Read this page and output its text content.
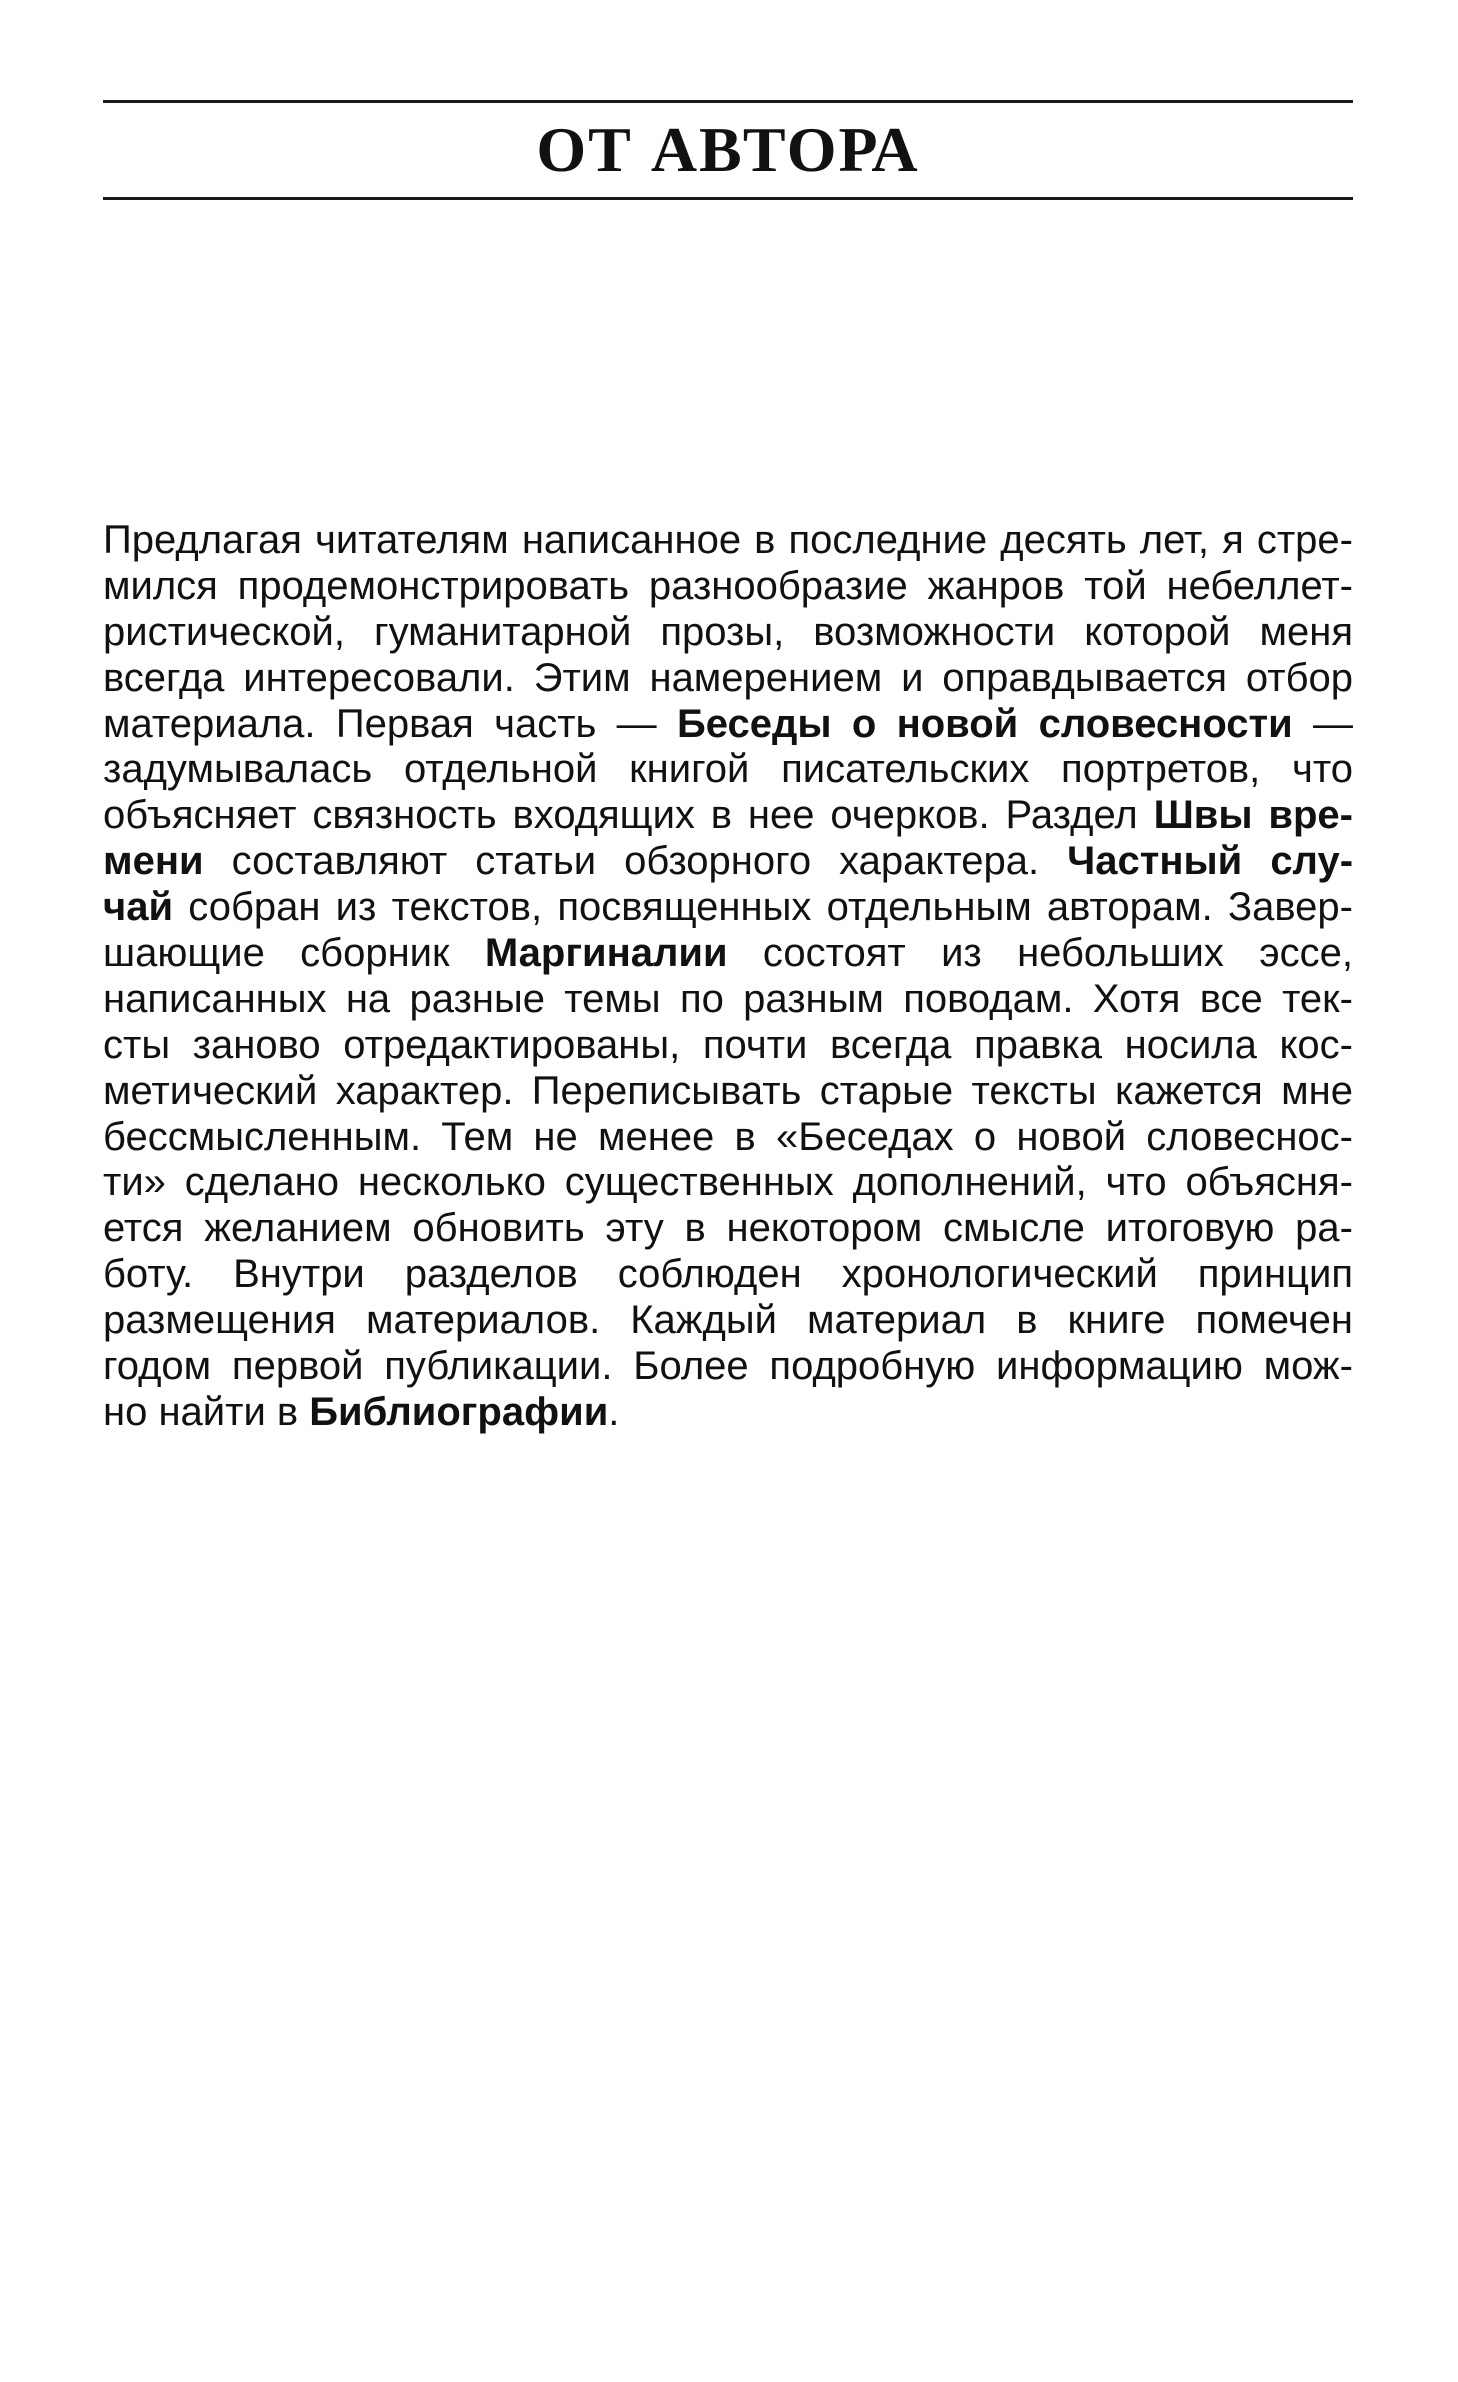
ОТ АВТОРА
Предлагая читателям написанное в последние десять лет, я стре-
мился продемонстрировать разнообразие жанров той небеллет-
ристической, гуманитарной прозы, возможности которой меня
всегда интересовали. Этим намерением и оправдывается отбор
материала. Первая часть — Беседы о новой словесности —
задумывалась отдельной книгой писательских портретов, что
объясняет связность входящих в нее очерков. Раздел Швы вре-
мени составляют статьи обзорного характера. Частный слу-
чай собран из текстов, посвященных отдельным авторам. Завер-
шающие сборник Маргиналии состоят из небольших эссе,
написанных на разные темы по разным поводам. Хотя все тек-
сты заново отредактированы, почти всегда правка носила кос-
метический характер. Переписывать старые тексты кажется мне
бессмысленным. Тем не менее в «Беседах о новой словеснос-
ти» сделано несколько существенных дополнений, что объясня-
ется желанием обновить эту в некотором смысле итоговую ра-
боту. Внутри разделов соблюден хронологический принцип
размещения материалов. Каждый материал в книге помечен
годом первой публикации. Более подробную информацию мож-
но найти в Библиографии.
